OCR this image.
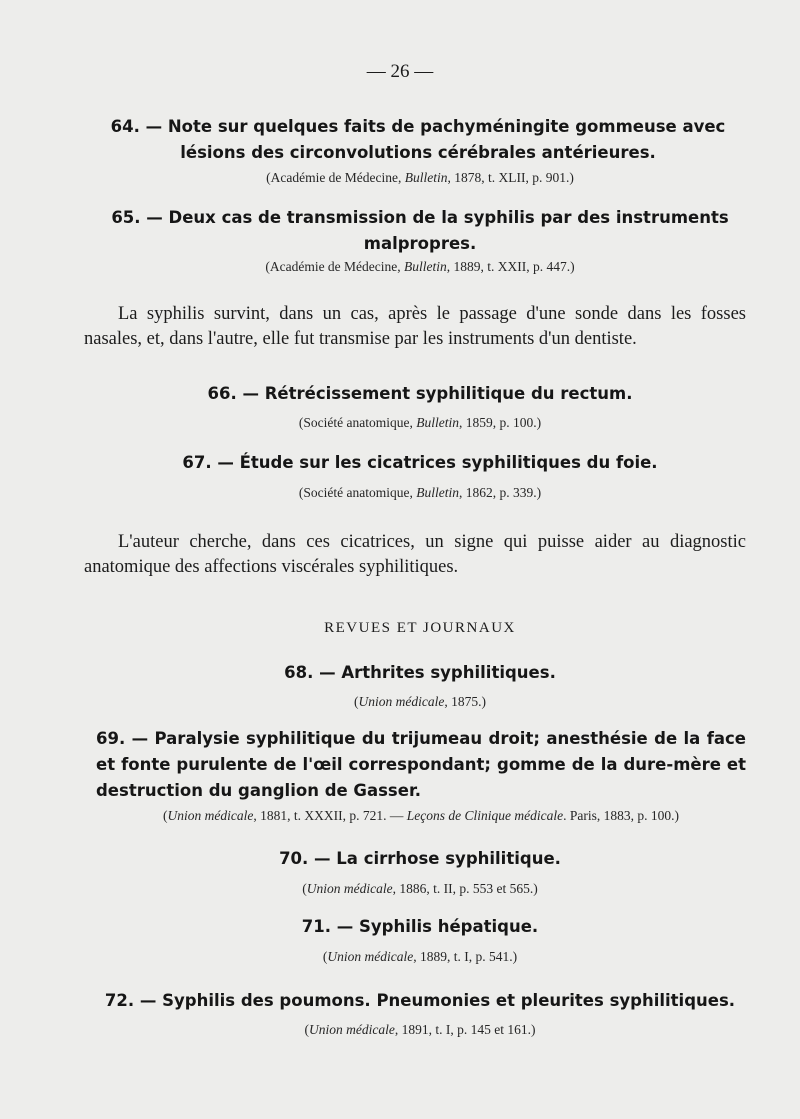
— 26 —
64. — Note sur quelques faits de pachyméningite gommeuse avec lésions des circonvolutions cérébrales antérieures.
(Académie de Médecine, Bulletin, 1878, t. XLII, p. 901.)
65. — Deux cas de transmission de la syphilis par des instruments malpropres.
(Académie de Médecine, Bulletin, 1889, t. XXII, p. 447.)
La syphilis survint, dans un cas, après le passage d'une sonde dans les fosses nasales, et, dans l'autre, elle fut transmise par les instruments d'un dentiste.
66. — Rétrécissement syphilitique du rectum.
(Société anatomique, Bulletin, 1859, p. 100.)
67. — Étude sur les cicatrices syphilitiques du foie.
(Société anatomique, Bulletin, 1862, p. 339.)
L'auteur cherche, dans ces cicatrices, un signe qui puisse aider au diagnostic anatomique des affections viscérales syphilitiques.
REVUES ET JOURNAUX
68. — Arthrites syphilitiques.
(Union médicale, 1875.)
69. — Paralysie syphilitique du trijumeau droit; anesthésie de la face et fonte purulente de l'œil correspondant; gomme de la dure-mère et destruction du ganglion de Gasser.
(Union médicale, 1881, t. XXXII, p. 721. — Leçons de Clinique médicale. Paris, 1883, p. 100.)
70. — La cirrhose syphilitique.
(Union médicale, 1886, t. II, p. 553 et 565.)
71. — Syphilis hépatique.
(Union médicale, 1889, t. I, p. 541.)
72. — Syphilis des poumons. Pneumonies et pleurites syphilitiques.
(Union médicale, 1891, t. I, p. 145 et 161.)
